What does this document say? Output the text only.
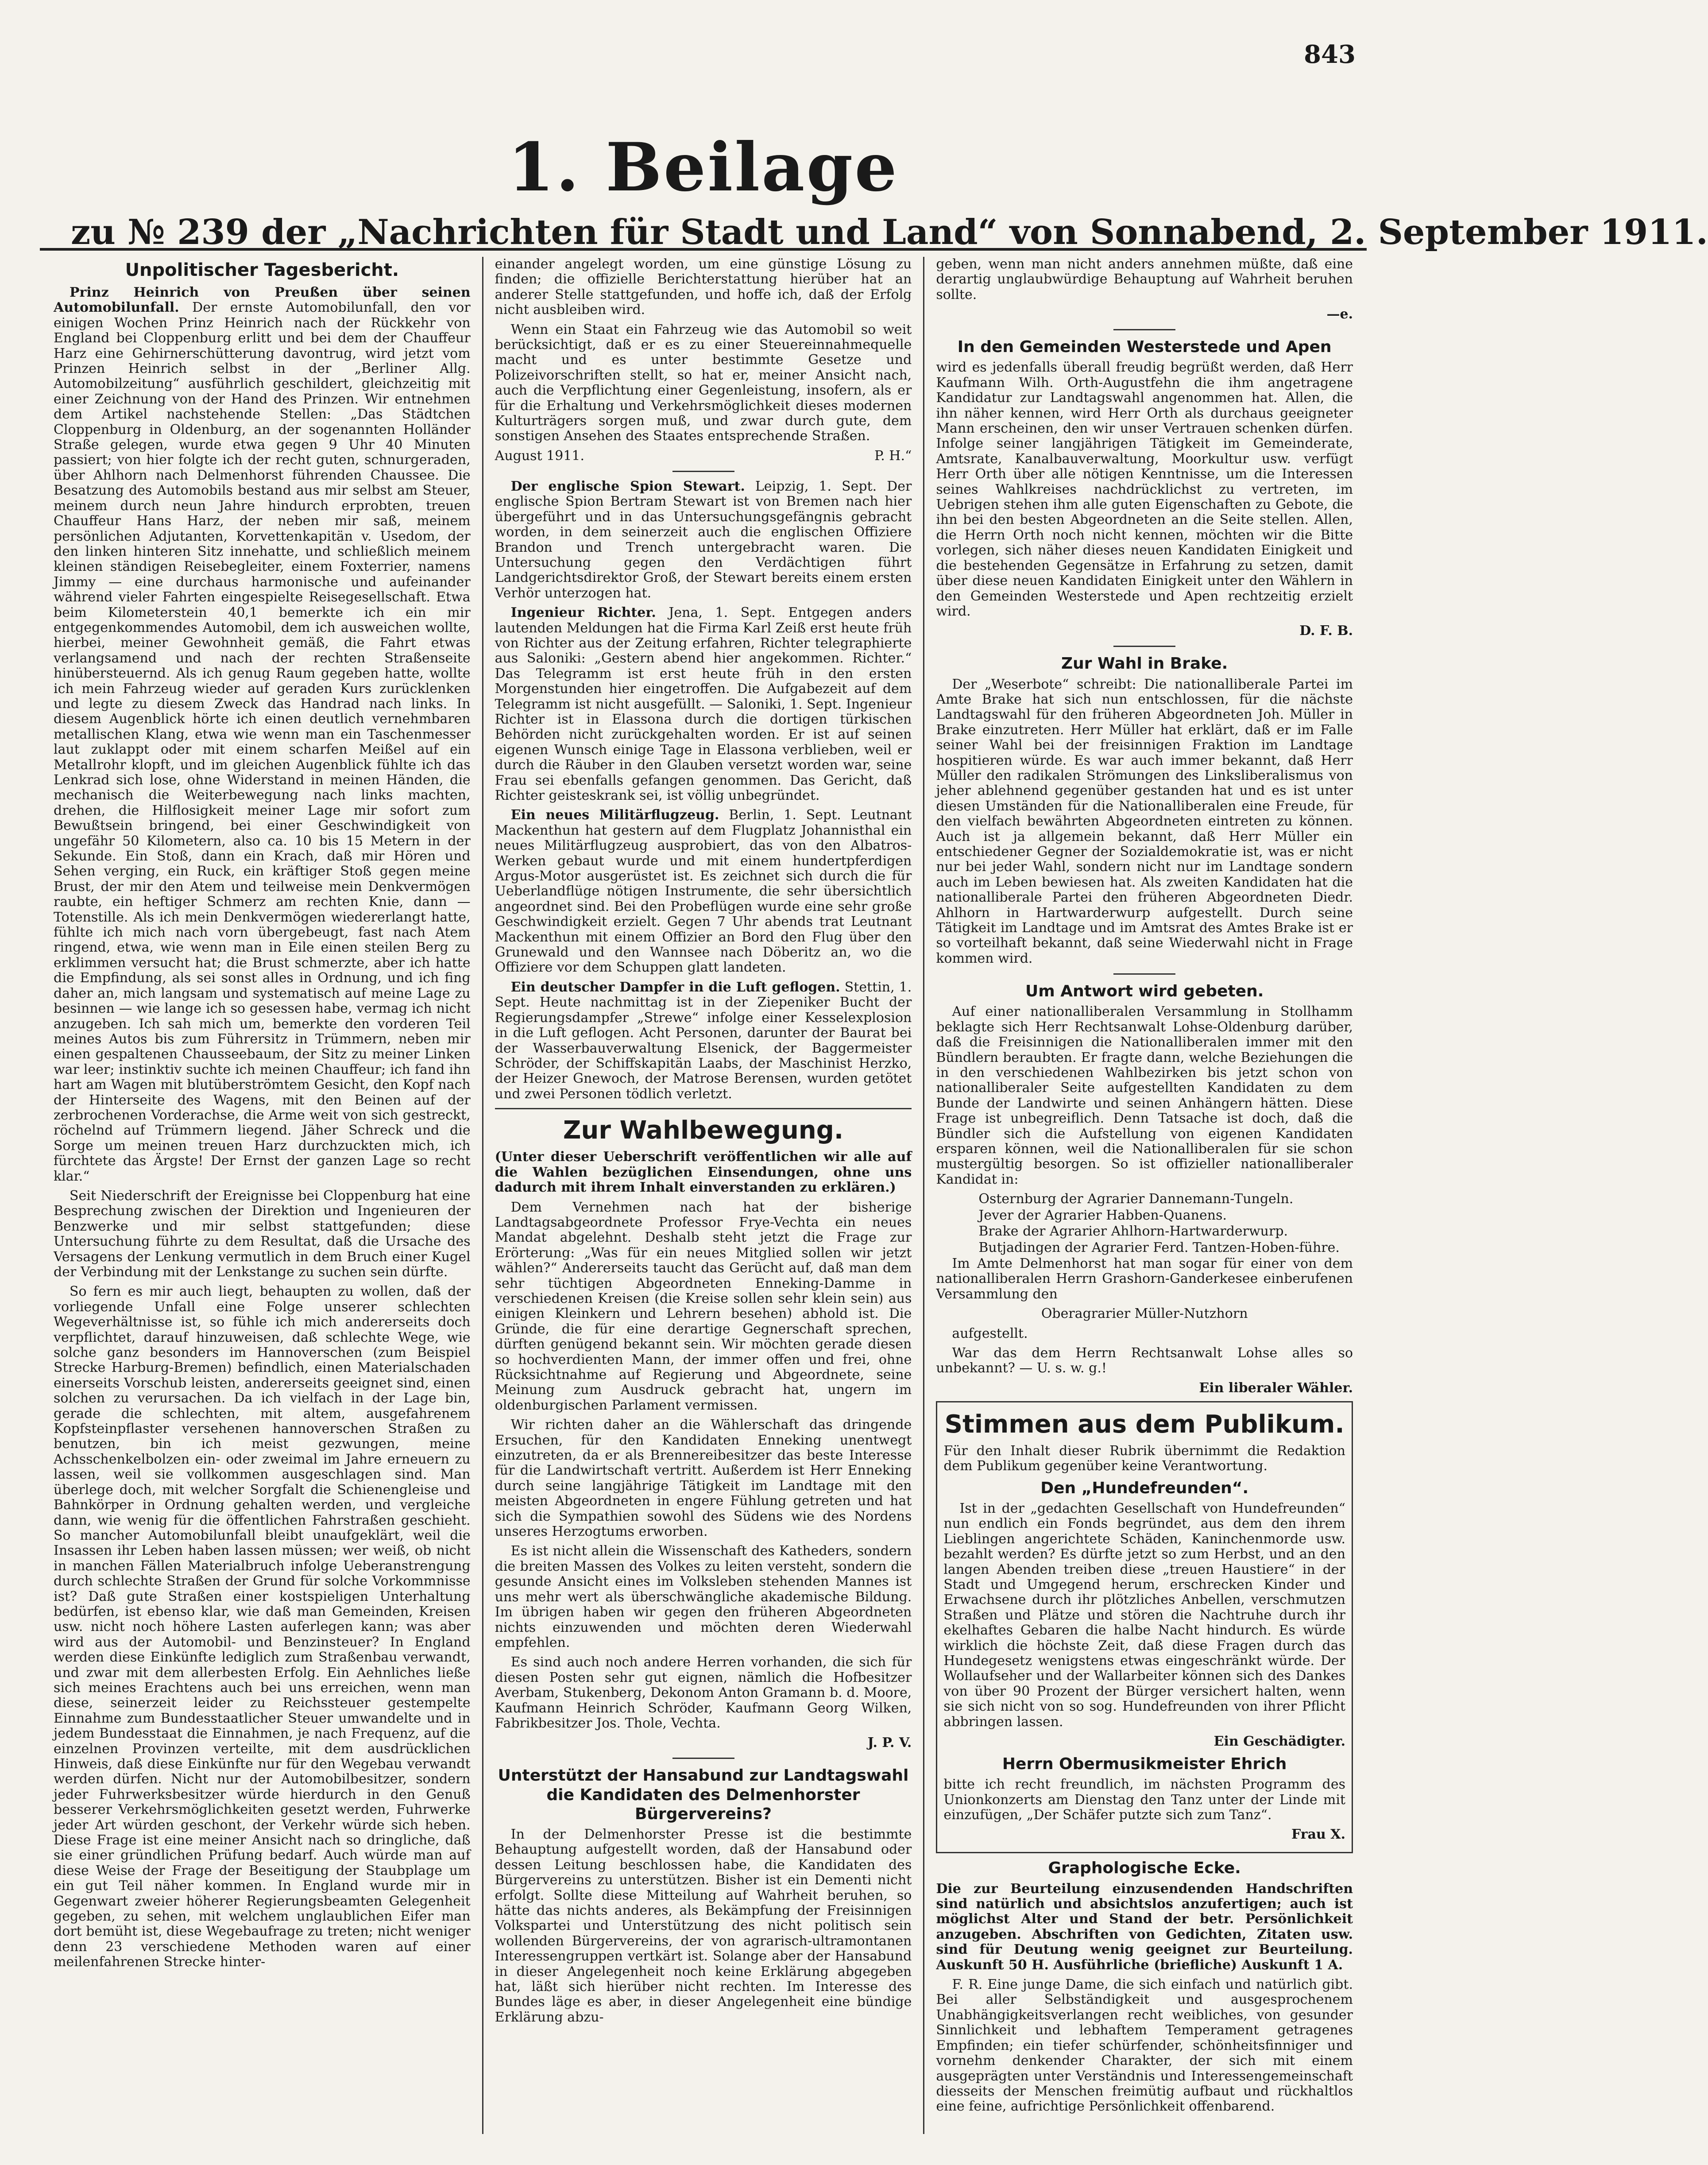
843
1. Beilage
zu № 239 der „Nachrichten für Stadt und Land“ von Sonnabend, 2. September 1911.
Unpolitischer Tagesbericht.

Prinz Heinrich von Preußen über seinen Automobilunfall. Der ernste Automobilunfall, den vor einigen Wochen Prinz Heinrich nach der Rückkehr von England bei Cloppenburg erlitt und bei dem der Chauffeur Harz eine Gehirnerschütterung davontrug, wird jetzt vom Prinzen Heinrich selbst in der „Berliner Allg. Automobilzeitung“ ausführlich geschildert, gleichzeitig mit einer Zeichnung von der Hand des Prinzen. Wir entnehmen dem Artikel nachstehende Stellen: „Das Städtchen Cloppenburg in Oldenburg, an der sogenannten Holländer Straße gelegen, wurde etwa gegen 9 Uhr 40 Minuten passiert; von hier folgte ich der recht guten, schnurgeraden, über Ahlhorn nach Delmenhorst führenden Chaussee. Die Besatzung des Automobils bestand aus mir selbst am Steuer, meinem durch neun Jahre hindurch erprobten, treuen Chauffeur Hans Harz, der neben mir saß, meinem persönlichen Adjutanten, Korvettenkapitän v. Usedom, der den linken hinteren Sitz innehatte, und schließlich meinem kleinen ständigen Reisebegleiter, einem Foxterrier, namens Jimmy — eine durchaus harmonische und aufeinander während vieler Fahrten eingespielte Reisegesellschaft. Etwa beim Kilometerstein 40,1 bemerkte ich ein mir entgegenkommendes Automobil, dem ich ausweichen wollte, hierbei, meiner Gewohnheit gemäß, die Fahrt etwas verlangsamend und nach der rechten Straßenseite hinübersteuernd. Als ich genug Raum gegeben hatte, wollte ich mein Fahrzeug wieder auf geraden Kurs zurücklenken und legte zu diesem Zweck das Handrad nach links. In diesem Augenblick hörte ich einen deutlich vernehmbaren metallischen Klang, etwa wie wenn man ein Taschenmesser laut zuklappt oder mit einem scharfen Meißel auf ein Metallrohr klopft, und im gleichen Augenblick fühlte ich das Lenkrad sich lose, ohne Widerstand in meinen Händen, die mechanisch die Weiterbewegung nach links machten, drehen, die Hilflosigkeit meiner Lage mir sofort zum Bewußtsein bringend, bei einer Geschwindigkeit von ungefähr 50 Kilometern, also ca. 10 bis 15 Metern in der Sekunde. Ein Stoß, dann ein Krach, daß mir Hören und Sehen verging, ein Ruck, ein kräftiger Stoß gegen meine Brust, der mir den Atem und teilweise mein Denkvermögen raubte, ein heftiger Schmerz am rechten Knie, dann — Totenstille. Als ich mein Denkvermögen wiedererlangt hatte, fühlte ich mich nach vorn übergebeugt, fast nach Atem ringend, etwa, wie wenn man in Eile einen steilen Berg zu erklimmen versucht hat; die Brust schmerzte, aber ich hatte die Empfindung, als sei sonst alles in Ordnung, und ich fing daher an, mich langsam und systematisch auf meine Lage zu besinnen — wie lange ich so gesessen habe, vermag ich nicht anzugeben. Ich sah mich um, bemerkte den vorderen Teil meines Autos bis zum Führersitz in Trümmern, neben mir einen gespaltenen Chausseebaum, der Sitz zu meiner Linken war leer; instinktiv suchte ich meinen Chauffeur; ich fand ihn hart am Wagen mit blutüberströmtem Gesicht, den Kopf nach der Hinterseite des Wagens, mit den Beinen auf der zerbrochenen Vorderachse, die Arme weit von sich gestreckt, röchelnd auf Trümmern liegend. Jäher Schreck und die Sorge um meinen treuen Harz durchzuckten mich, ich fürchtete das Ärgste! Der Ernst der ganzen Lage so recht klar.“

Seit Niederschrift der Ereignisse bei Cloppenburg hat eine Besprechung zwischen der Direktion und Ingenieuren der Benzwerke und mir selbst stattgefunden; diese Untersuchung führte zu dem Resultat, daß die Ursache des Versagens der Lenkung vermutlich in dem Bruch einer Kugel der Verbindung mit der Lenkstange zu suchen sein dürfte.

So fern es mir auch liegt, behaupten zu wollen, daß der vorliegende Unfall eine Folge unserer schlechten Wegeverhältnisse ist, so fühle ich mich andererseits doch verpflichtet, darauf hinzuweisen, daß schlechte Wege, wie solche ganz besonders im Hannoverschen (zum Beispiel Strecke Harburg-Bremen) befindlich, einen Materialschaden einerseits Vorschub leisten, andererseits geeignet sind, einen solchen zu verursachen. Da ich vielfach in der Lage bin, gerade die schlechten, mit altem, ausgefahrenem Kopfsteinpflaster versehenen hannoverschen Straßen zu benutzen, bin ich meist gezwungen, meine Achsschenkelbolzen ein- oder zweimal im Jahre erneuern zu lassen, weil sie vollkommen ausgeschlagen sind. Man überlege doch, mit welcher Sorgfalt die Schienengleise und Bahnkörper in Ordnung gehalten werden, und vergleiche dann, wie wenig für die öffentlichen Fahrstraßen geschieht. So mancher Automobilunfall bleibt unaufgeklärt, weil die Insassen ihr Leben haben lassen müssen; wer weiß, ob nicht in manchen Fällen Materialbruch infolge Ueberanstrengung durch schlechte Straßen der Grund für solche Vorkommnisse ist? Daß gute Straßen einer kostspieligen Unterhaltung bedürfen, ist ebenso klar, wie daß man Gemeinden, Kreisen usw. nicht noch höhere Lasten auferlegen kann; was aber wird aus der Automobil- und Benzinsteuer? In England werden diese Einkünfte lediglich zum Straßenbau verwandt, und zwar mit dem allerbesten Erfolg. Ein Aehnliches ließe sich meines Erachtens auch bei uns erreichen, wenn man diese, seinerzeit leider zu Reichssteuer gestempelte Einnahme zum Bundesstaatlicher Steuer umwandelte und in jedem Bundesstaat die Einnahmen, je nach Frequenz, auf die einzelnen Provinzen verteilte, mit dem ausdrücklichen Hinweis, daß diese Einkünfte nur für den Wegebau verwandt werden dürfen. Nicht nur der Automobilbesitzer, sondern jeder Fuhrwerksbesitzer würde hierdurch in den Genuß besserer Verkehrsmöglichkeiten gesetzt werden, Fuhrwerke jeder Art würden geschont, der Verkehr würde sich heben. Diese Frage ist eine meiner Ansicht nach so dringliche, daß sie einer gründlichen Prüfung bedarf. Auch würde man auf diese Weise der Frage der Beseitigung der Staubplage um ein gut Teil näher kommen. In England wurde mir in Gegenwart zweier höherer Regierungsbeamten Gelegenheit gegeben, zu sehen, mit welchem unglaublichen Eifer man dort bemüht ist, diese Wegebaufrage zu treten; nicht weniger denn 23 verschiedene Methoden waren auf einer meilenfahrenen Strecke hinter-

einander angelegt worden, um eine günstige Lösung zu finden; die offizielle Berichterstattung hierüber hat an anderer Stelle stattgefunden, und hoffe ich, daß der Erfolg nicht ausbleiben wird.

Wenn ein Staat ein Fahrzeug wie das Automobil so weit berücksichtigt, daß er es zu einer Steuereinnahmequelle macht und es unter bestimmte Gesetze und Polizeivorschriften stellt, so hat er, meiner Ansicht nach, auch die Verpflichtung einer Gegenleistung, insofern, als er für die Erhaltung und Verkehrsmöglichkeit dieses modernen Kulturträgers sorgen muß, und zwar durch gute, dem sonstigen Ansehen des Staates entsprechende Straßen.

August 1911.	P. H.“

Der englische Spion Stewart. Leipzig, 1. Sept. Der englische Spion Bertram Stewart ist von Bremen nach hier übergeführt und in das Untersuchungsgefängnis gebracht worden, in dem seinerzeit auch die englischen Offiziere Brandon und Trench untergebracht waren. Die Untersuchung gegen den Verdächtigen führt Landgerichtsdirektor Groß, der Stewart bereits einem ersten Verhör unterzogen hat.

Ingenieur Richter. Jena, 1. Sept. Entgegen anders lautenden Meldungen hat die Firma Karl Zeiß erst heute früh von Richter aus der Zeitung erfahren, Richter telegraphierte aus Saloniki: „Gestern abend hier angekommen. Richter.“ Das Telegramm ist erst heute früh in den ersten Morgenstunden hier eingetroffen. Die Aufgabezeit auf dem Telegramm ist nicht ausgefüllt. — Saloniki, 1. Sept. Ingenieur Richter ist in Elassona durch die dortigen türkischen Behörden nicht zurückgehalten worden. Er ist auf seinen eigenen Wunsch einige Tage in Elassona verblieben, weil er durch die Räuber in den Glauben versetzt worden war, seine Frau sei ebenfalls gefangen genommen. Das Gericht, daß Richter geisteskrank sei, ist völlig unbegründet.

Ein neues Militärflugzeug. Berlin, 1. Sept. Leutnant Mackenthun hat gestern auf dem Flugplatz Johannisthal ein neues Militärflugzeug ausprobiert, das von den Albatros-Werken gebaut wurde und mit einem hundertpferdigen Argus-Motor ausgerüstet ist. Es zeichnet sich durch die für Ueberlandflüge nötigen Instrumente, die sehr übersichtlich angeordnet sind. Bei den Probeflügen wurde eine sehr große Geschwindigkeit erzielt. Gegen 7 Uhr abends trat Leutnant Mackenthun mit einem Offizier an Bord den Flug über den Grunewald und den Wannsee nach Döberitz an, wo die Offiziere vor dem Schuppen glatt landeten.

Ein deutscher Dampfer in die Luft geflogen. Stettin, 1. Sept. Heute nachmittag ist in der Ziepeniker Bucht der Regierungsdampfer „Strewe“ infolge einer Kesselexplosion in die Luft geflogen. Acht Personen, darunter der Baurat bei der Wasserbauverwaltung Elsenick, der Baggermeister Schröder, der Schiffskapitän Laabs, der Maschinist Herzko, der Heizer Gnewoch, der Matrose Berensen, wurden getötet und zwei Personen tödlich verletzt.

Zur Wahlbewegung.

(Unter dieser Ueberschrift veröffentlichen wir alle auf die Wahlen bezüglichen Einsendungen, ohne uns dadurch mit ihrem Inhalt einverstanden zu erklären.)

Dem Vernehmen nach hat der bisherige Landtagsabgeordnete Professor Frye-Vechta ein neues Mandat abgelehnt. Deshalb steht jetzt die Frage zur Erörterung: „Was für ein neues Mitglied sollen wir jetzt wählen?“ Andererseits taucht das Gerücht auf, daß man dem sehr tüchtigen Abgeordneten Enneking-Damme in verschiedenen Kreisen (die Kreise sollen sehr klein sein) aus einigen Kleinkern und Lehrern besehen) abhold ist. Die Gründe, die für eine derartige Gegnerschaft sprechen, dürften genügend bekannt sein. Wir möchten gerade diesen so hochverdienten Mann, der immer offen und frei, ohne Rücksichtnahme auf Regierung und Abgeordnete, seine Meinung zum Ausdruck gebracht hat, ungern im oldenburgischen Parlament vermissen.

Wir richten daher an die Wählerschaft das dringende Ersuchen, für den Kandidaten Enneking unentwegt einzutreten, da er als Brennereibesitzer das beste Interesse für die Landwirtschaft vertritt. Außerdem ist Herr Enneking durch seine langjährige Tätigkeit im Landtage mit den meisten Abgeordneten in engere Fühlung getreten und hat sich die Sympathien sowohl des Südens wie des Nordens unseres Herzogtums erworben.

Es ist nicht allein die Wissenschaft des Katheders, sondern die breiten Massen des Volkes zu leiten versteht, sondern die gesunde Ansicht eines im Volksleben stehenden Mannes ist uns mehr wert als überschwängliche akademische Bildung. Im übrigen haben wir gegen den früheren Abgeordneten nichts einzuwenden und möchten deren Wiederwahl empfehlen.

Es sind auch noch andere Herren vorhanden, die sich für diesen Posten sehr gut eignen, nämlich die Hofbesitzer Averbam, Stukenberg, Dekonom Anton Gramann b. d. Moore, Kaufmann Heinrich Schröder, Kaufmann Georg Wilken, Fabrikbesitzer Jos. Thole, Vechta.

J. P. V.
Unterstützt der Hansabund zur Landtagswahl die Kandidaten des Delmenhorster Bürgervereins?

In der Delmenhorster Presse ist die bestimmte Behauptung aufgestellt worden, daß der Hansabund oder dessen Leitung beschlossen habe, die Kandidaten des Bürgervereins zu unterstützen. Bisher ist ein Dementi nicht erfolgt. Sollte diese Mitteilung auf Wahrheit beruhen, so hätte das nichts anderes, als Bekämpfung der Freisinnigen Volkspartei und Unterstützung des nicht politisch sein wollenden Bürgervereins, der von agrarisch-ultramontanen Interessengruppen vertkärt ist. Solange aber der Hansabund in dieser Angelegenheit noch keine Erklärung abgegeben hat, läßt sich hierüber nicht rechten. Im Interesse des Bundes läge es aber, in dieser Angelegenheit eine bündige Erklärung abzu-

geben, wenn man nicht anders annehmen müßte, daß eine derartig unglaubwürdige Behauptung auf Wahrheit beruhen sollte.

—e.
In den Gemeinden Westerstede und Apen

wird es jedenfalls überall freudig begrüßt werden, daß Herr Kaufmann Wilh. Orth-Augustfehn die ihm angetragene Kandidatur zur Landtagswahl angenommen hat. Allen, die ihn näher kennen, wird Herr Orth als durchaus geeigneter Mann erscheinen, den wir unser Vertrauen schenken dürfen. Infolge seiner langjährigen Tätigkeit im Gemeinderate, Amtsrate, Kanalbauverwaltung, Moorkultur usw. verfügt Herr Orth über alle nötigen Kenntnisse, um die Interessen seines Wahlkreises nachdrücklichst zu vertreten, im Uebrigen stehen ihm alle guten Eigenschaften zu Gebote, die ihn bei den besten Abgeordneten an die Seite stellen. Allen, die Herrn Orth noch nicht kennen, möchten wir die Bitte vorlegen, sich näher dieses neuen Kandidaten Einigkeit und die bestehenden Gegensätze in Erfahrung zu setzen, damit über diese neuen Kandidaten Einigkeit unter den Wählern in den Gemeinden Westerstede und Apen rechtzeitig erzielt wird.

D. F. B.
Zur Wahl in Brake.

Der „Weserbote“ schreibt: Die nationalliberale Partei im Amte Brake hat sich nun entschlossen, für die nächste Landtagswahl für den früheren Abgeordneten Joh. Müller in Brake einzutreten. Herr Müller hat erklärt, daß er im Falle seiner Wahl bei der freisinnigen Fraktion im Landtage hospitieren würde. Es war auch immer bekannt, daß Herr Müller den radikalen Strömungen des Linksliberalismus von jeher ablehnend gegenüber gestanden hat und es ist unter diesen Umständen für die Nationalliberalen eine Freude, für den vielfach bewährten Abgeordneten eintreten zu können. Auch ist ja allgemein bekannt, daß Herr Müller ein entschiedener Gegner der Sozialdemokratie ist, was er nicht nur bei jeder Wahl, sondern nicht nur im Landtage sondern auch im Leben bewiesen hat. Als zweiten Kandidaten hat die nationalliberale Partei den früheren Abgeordneten Diedr. Ahlhorn in Hartwarderwurp aufgestellt. Durch seine Tätigkeit im Landtage und im Amtsrat des Amtes Brake ist er so vorteilhaft bekannt, daß seine Wiederwahl nicht in Frage kommen wird.

Um Antwort wird gebeten.

Auf einer nationalliberalen Versammlung in Stollhamm beklagte sich Herr Rechtsanwalt Lohse-Oldenburg darüber, daß die Freisinnigen die Nationalliberalen immer mit den Bündlern beraubten. Er fragte dann, welche Beziehungen die in den verschiedenen Wahlbezirken bis jetzt schon von nationalliberaler Seite aufgestellten Kandidaten zu dem Bunde der Landwirte und seinen Anhängern hätten. Diese Frage ist unbegreiflich. Denn Tatsache ist doch, daß die Bündler sich die Aufstellung von eigenen Kandidaten ersparen können, weil die Nationalliberalen für sie schon mustergültig besorgen. So ist offizieller nationalliberaler Kandidat in:

Osternburg der Agrarier Dannemann-Tungeln.

Jever der Agrarier Habben-Quanens.

Brake der Agrarier Ahlhorn-Hartwarderwurp.

Butjadingen der Agrarier Ferd. Tantzen-Hoben-führe.

Im Amte Delmenhorst hat man sogar für einer von dem nationalliberalen Herrn Grashorn-Ganderkesee einberufenen Versammlung den

Oberagrarier Müller-Nutzhorn

aufgestellt.

War das dem Herrn Rechtsanwalt Lohse alles so unbekannt? — U. s. w. g.!

Ein liberaler Wähler.
Stimmen aus dem Publikum.

Für den Inhalt dieser Rubrik übernimmt die Redaktion dem Publikum gegenüber keine Verantwortung.

Den „Hundefreunden“.

Ist in der „gedachten Gesellschaft von Hundefreunden“ nun endlich ein Fonds begründet, aus dem den ihrem Lieblingen angerichtete Schäden, Kaninchenmorde usw. bezahlt werden? Es dürfte jetzt so zum Herbst, und an den langen Abenden treiben diese „treuen Haustiere“ in der Stadt und Umgegend herum, erschrecken Kinder und Erwachsene durch ihr plötzliches Anbellen, verschmutzen Straßen und Plätze und stören die Nachtruhe durch ihr ekelhaftes Gebaren die halbe Nacht hindurch. Es würde wirklich die höchste Zeit, daß diese Fragen durch das Hundegesetz wenigstens etwas eingeschränkt würde. Der Wollaufseher und der Wallarbeiter können sich des Dankes von über 90 Prozent der Bürger versichert halten, wenn sie sich nicht von so sog. Hundefreunden von ihrer Pflicht abbringen lassen.

Ein Geschädigter.
Herrn Obermusikmeister Ehrich

bitte ich recht freundlich, im nächsten Programm des Unionkonzerts am Dienstag den Tanz unter der Linde mit einzufügen, „Der Schäfer putzte sich zum Tanz“.

Frau X.
Graphologische Ecke.

Die zur Beurteilung einzusendenden Handschriften sind natürlich und absichtslos anzufertigen; auch ist möglichst Alter und Stand der betr. Persönlichkeit anzugeben. Abschriften von Gedichten, Zitaten usw. sind für Deutung wenig geeignet zur Beurteilung. Auskunft 50 H. Ausführliche (briefliche) Auskunft 1 A.

F. R. Eine junge Dame, die sich einfach und natürlich gibt. Bei aller Selbständigkeit und ausgesprochenem Unabhängigkeitsverlangen recht weibliches, von gesunder Sinnlichkeit und lebhaftem Temperament getragenes Empfinden; ein tiefer schürfender, schönheitsfinniger und vornehm denkender Charakter, der sich mit einem ausgeprägten unter Verständnis und Interessengemeinschaft diesseits der Menschen freimütig aufbaut und rückhaltlos eine feine, aufrichtige Persönlichkeit offenbarend.
